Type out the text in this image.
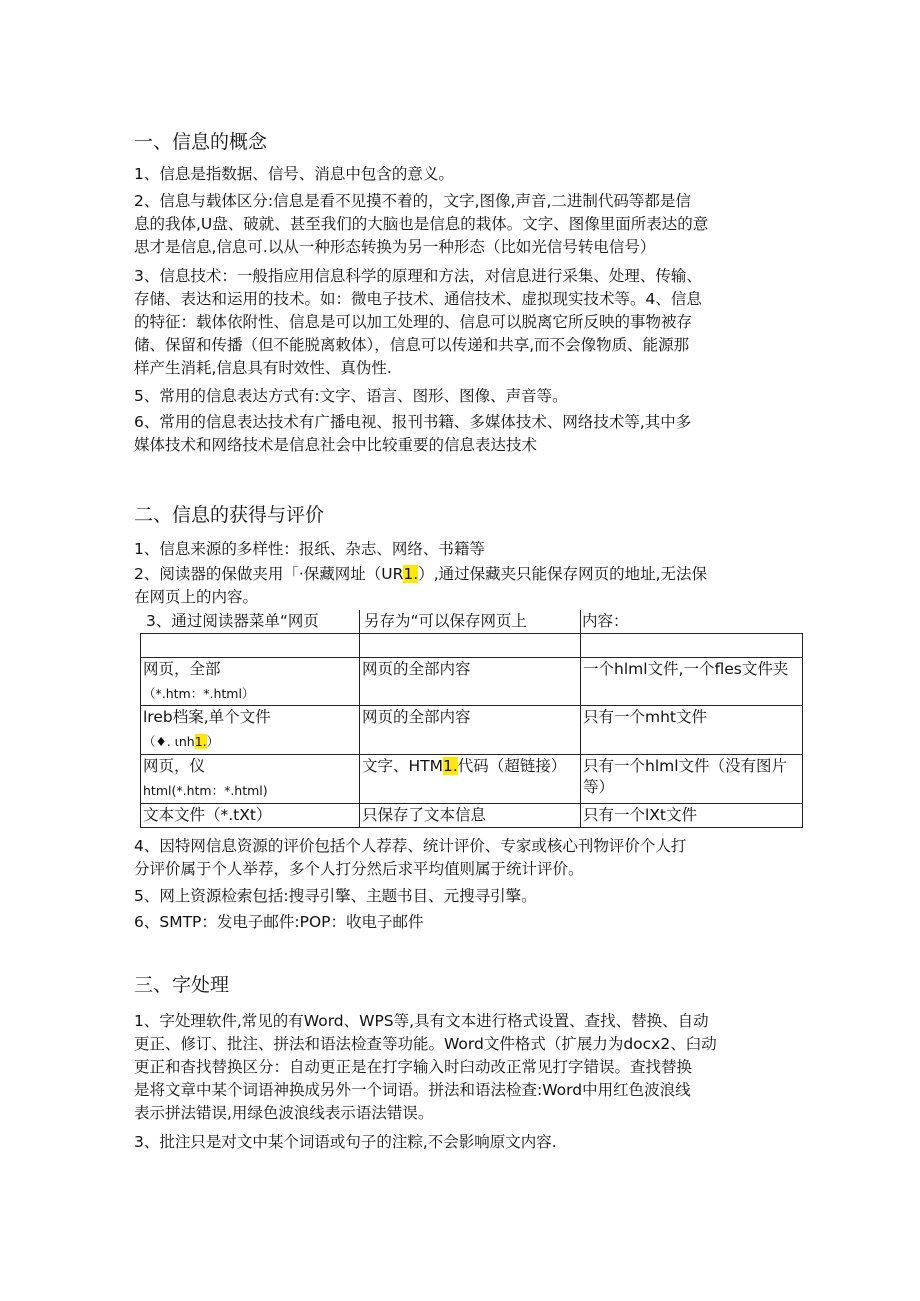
一、信息的概念
1、信息是指数据、信号、消息中包含的意义。
2、信息与载体区分:信息是看不见摸不着的，文字,图像,声音,二进制代码等都是信
息的我体,U盘、破就、甚至我们的大脑也是信息的栽体。文字、图像里面所表达的意
思才是信息,信息可.以从一种形态转换为另一种形态（比如光信号转电信号）
3、信息技术：一般指应用信息科学的原理和方法，对信息进行采集、处理、传输、
存储、表达和运用的技术。如：微电子技术、通信技术、虚拟现实技术等。4、信息
的特征：载体依附性、信息是可以加工处理的、信息可以脱离它所反映的事物被存
储、保留和传播（但不能脱离敕体），信息可以传递和共享,而不会像物质、能源那
样产生消耗,信息具有时效性、真伪性.
5、常用的信息表达方式有:文字、语言、图形、图像、声音等。
6、常用的信息表达技术有广播电视、报刊书籍、多媒体技术、网络技术等,其中多
媒体技术和网络技术是信息社会中比较重要的信息表达技术
二、信息的获得与评价
1、信息来源的多样性：报纸、杂志、网络、书籍等
2、阅读器的保做夹用「·保藏网址（UR1.）,通过保藏夹只能保存网页的地址,无法保
在网页上的内容。
3、通过阅读器菜单“网页	另存为“可以保存网页上	内容：

网页，全部
（*.htm：*.html）	网页的全部内容	一个hlml文件,一个fles文件夹
lreb档案,单个文件
（♦. ιnh1.）	网页的全部内容	只有一个mht文件
网页，仪
html(*.htm：*.html)	文字、HTM1.代码（超链接）	只有一个hlml文件（没有图片等）
文本文件（*.tXt）	只保存了文本信息	只有一个lXt文件
4、因特网信息资源的评价包括个人荐荐、统计评价、专家或核心刊物评价个人打
分评价属于个人举荐，多个人打分然后求平均值则属于统计评价。
5、网上资源检索包括:搜寻引擎、主题书目、元搜寻引擎。
6、SMTP：发电子邮件:POP：收电子邮件
三、字处理
1、字处理软件,常见的有Word、WPS等,具有文本进行格式设置、查找、替换、自动
更正、修订、批注、拼法和语法检查等功能。Word文件格式（扩展力为docx2、臼动
更正和杳找替换区分：自动更正是在打字输入时臼动改正常见打字错误。查找替换
是将文章中某个词语神换成另外一个词语。拼法和语法检查:Word中用红色波浪线
表示拼法错误,用绿色波浪线表示语法错误。
3、批注只是对文中某个词语或句子的注粽,不会影响原文内容.
